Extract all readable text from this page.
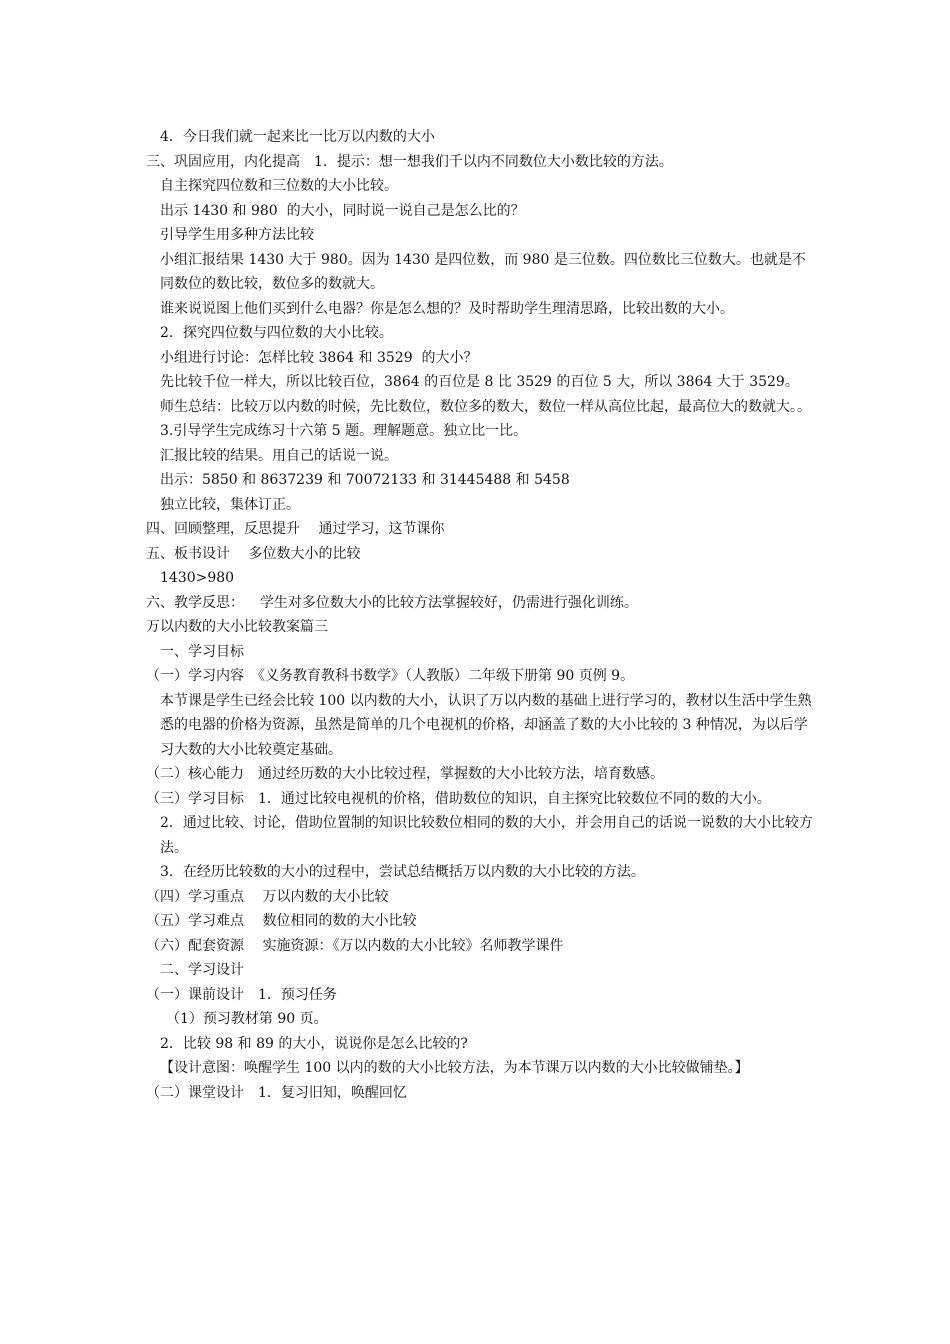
4．今日我们就一起来比一比万以内数的大小

三、巩固应用，内化提高　1．提示：想一想我们千以内不同数位大小数比较的方法。

自主探究四位数和三位数的大小比较。

出示 1430 和 980  的大小，同时说一说自己是怎么比的？

引导学生用多种方法比较

小组汇报结果 1430 大于 980。因为 1430 是四位数，而 980 是三位数。四位数比三位数大。也就是不同数位的数比较，数位多的数就大。

谁来说说图上他们买到什么电器？你是怎么想的？及时帮助学生理清思路，比较出数的大小。

2．探究四位数与四位数的大小比较。

小组进行讨论：怎样比较 3864 和 3529  的大小？

先比较千位一样大，所以比较百位，3864 的百位是 8 比 3529 的百位 5 大，所以 3864 大于 3529。

师生总结：比较万以内数的时候，先比数位，数位多的数大，数位一样从高位比起，最高位大的数就大。。

3.引导学生完成练习十六第 5 题。理解题意。独立比一比。

汇报比较的结果。用自己的话说一说。

出示：5850 和 8637239 和 70072133 和 31445488 和 5458

独立比较，集体订正。

四、回顾整理，反思提升　 通过学习，这节课你

五、板书设计　 多位数大小的比较

1430>980

六、教学反思：　  学生对多位数大小的比较方法掌握较好，仍需进行强化训练。

万以内数的大小比较教案篇三

一、学习目标

（一）学习内容　《义务教育教科书数学》（人教版）二年级下册第 90 页例 9。

本节课是学生已经会比较 100 以内数的大小，认识了万以内数的基础上进行学习的，教材以生活中学生熟悉的电器的价格为资源，虽然是简单的几个电视机的价格，却涵盖了数的大小比较的 3 种情况，为以后学习大数的大小比较奠定基础。

（二）核心能力　通过经历数的大小比较过程，掌握数的大小比较方法，培育数感。

（三）学习目标　1．通过比较电视机的价格，借助数位的知识，自主探究比较数位不同的数的大小。

2．通过比较、讨论，借助位置制的知识比较数位相同的数的大小，并会用自己的话说一说数的大小比较方法。

3．在经历比较数的大小的过程中，尝试总结概括万以内数的大小比较的方法。

（四）学习重点　 万以内数的大小比较

（五）学习难点　 数位相同的数的大小比较

（六）配套资源　 实施资源：《万以内数的大小比较》名师教学课件

二、学习设计

（一）课前设计　1．预习任务

（1）预习教材第 90 页。

2．比较 98 和 89 的大小，说说你是怎么比较的?

【设计意图：唤醒学生 100 以内的数的大小比较方法，为本节课万以内数的大小比较做铺垫。】

（二）课堂设计　1．复习旧知，唤醒回忆
